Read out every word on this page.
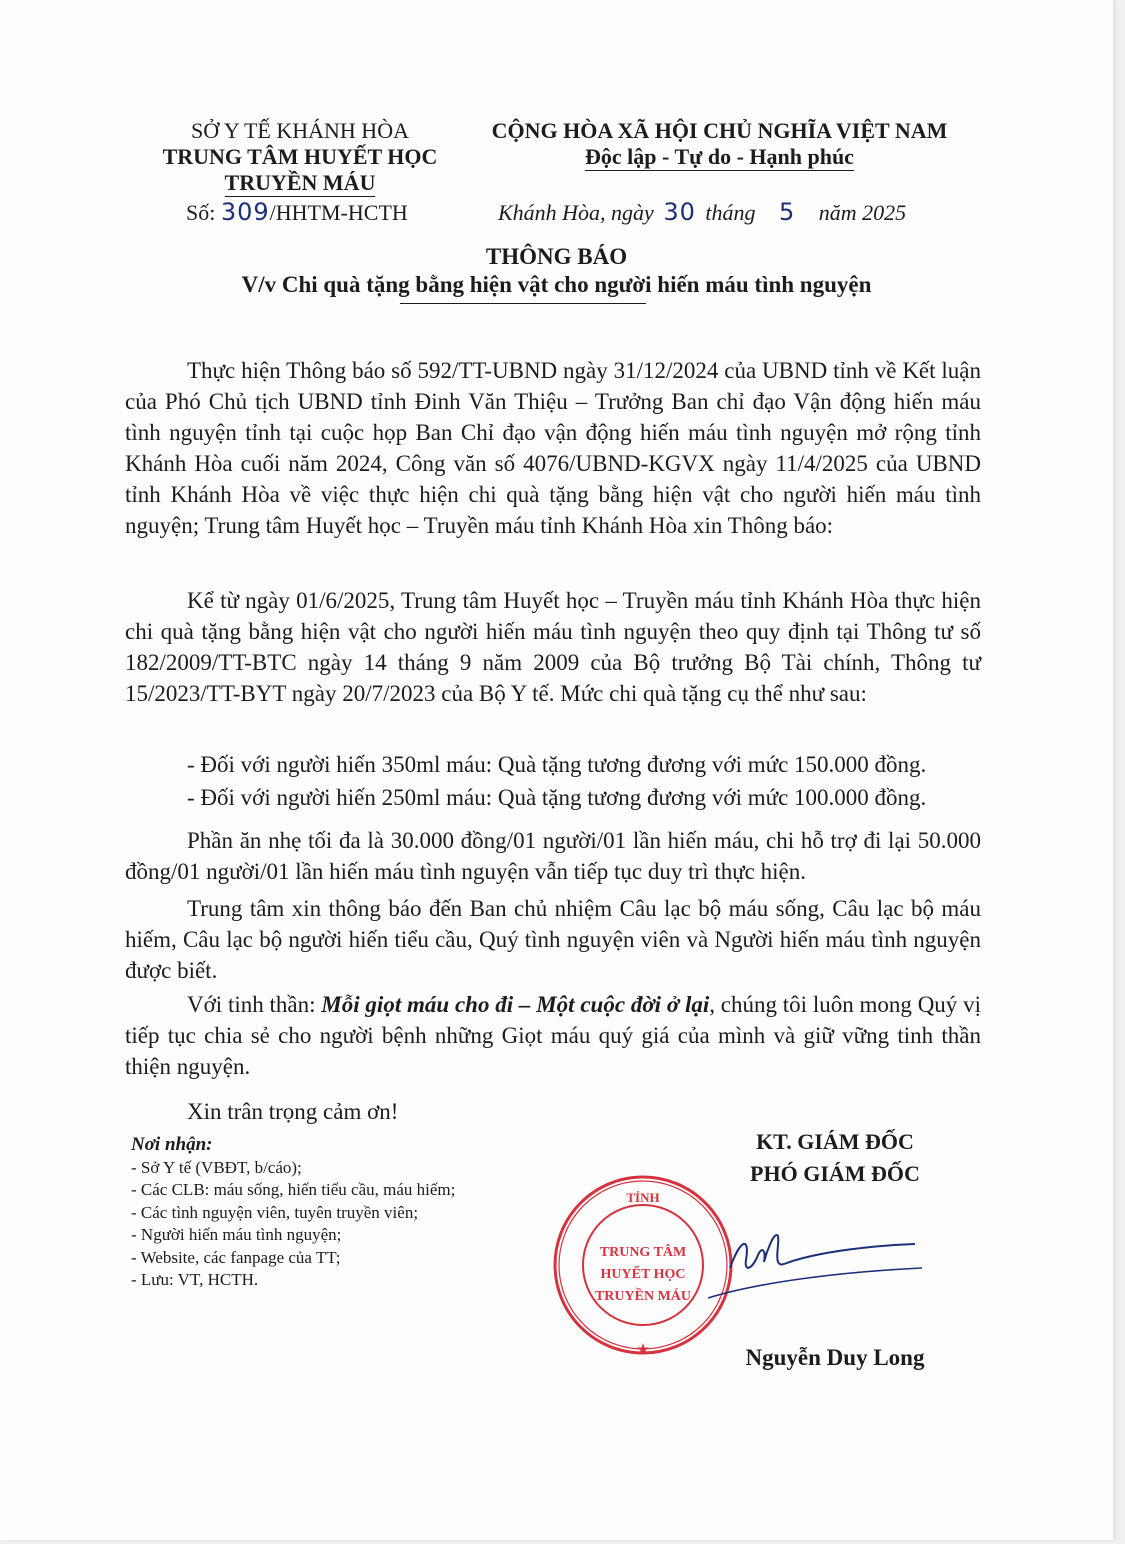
SỞ Y TẾ KHÁNH HÒA
TRUNG TÂM HUYẾT HỌC
TRUYỀN MÁU
Số: 309/HHTM-HCTH
CỘNG HÒA XÃ HỘI CHỦ NGHĨA VIỆT NAM
Độc lập - Tự do - Hạnh phúc
Khánh Hòa, ngày 30 tháng 5 năm 2025
THÔNG BÁO
V/v Chi quà tặng bằng hiện vật cho người hiến máu tình nguyện

Thực hiện Thông báo số 592/TT-UBND ngày 31/12/2024 của UBND tỉnh về Kết luận của Phó Chủ tịch UBND tỉnh Đinh Văn Thiệu – Trưởng Ban chỉ đạo Vận động hiến máu tình nguyện tỉnh tại cuộc họp Ban Chỉ đạo vận động hiến máu tình nguyện mở rộng tỉnh Khánh Hòa cuối năm 2024, Công văn số 4076/UBND-KGVX ngày 11/4/2025 của UBND tỉnh Khánh Hòa về việc thực hiện chi quà tặng bằng hiện vật cho người hiến máu tình nguyện; Trung tâm Huyết học – Truyền máu tỉnh Khánh Hòa xin Thông báo:

Kể từ ngày 01/6/2025, Trung tâm Huyết học – Truyền máu tỉnh Khánh Hòa thực hiện chi quà tặng bằng hiện vật cho người hiến máu tình nguyện theo quy định tại Thông tư số 182/2009/TT-BTC ngày 14 tháng 9 năm 2009 của Bộ trưởng Bộ Tài chính, Thông tư 15/2023/TT-BYT ngày 20/7/2023 của Bộ Y tế. Mức chi quà tặng cụ thể như sau:

- Đối với người hiến 350ml máu: Quà tặng tương đương với mức 150.000 đồng.
- Đối với người hiến 250ml máu: Quà tặng tương đương với mức 100.000 đồng.

Phần ăn nhẹ tối đa là 30.000 đồng/01 người/01 lần hiến máu, chi hỗ trợ đi lại 50.000 đồng/01 người/01 lần hiến máu tình nguyện vẫn tiếp tục duy trì thực hiện.

Trung tâm xin thông báo đến Ban chủ nhiệm Câu lạc bộ máu sống, Câu lạc bộ máu hiếm, Câu lạc bộ người hiến tiểu cầu, Quý tình nguyện viên và Người hiến máu tình nguyện được biết.

Với tinh thần: Mỗi giọt máu cho đi – Một cuộc đời ở lại, chúng tôi luôn mong Quý vị tiếp tục chia sẻ cho người bệnh những Giọt máu quý giá của mình và giữ vững tinh thần thiện nguyện.

Xin trân trọng cảm ơn!
Nơi nhận:
- Sở Y tế (VBĐT, b/cáo);
- Các CLB: máu sống, hiến tiểu cầu, máu hiếm;
- Các tình nguyện viên, tuyên truyền viên;
- Người hiến máu tình nguyện;
- Website, các fanpage của TT;
- Lưu: VT, HCTH.
KT. GIÁM ĐỐC
PHÓ GIÁM ĐỐC
TỈNH
TRUNG TÂM
HUYẾT HỌC
TRUYỀN MÁU
★	Nguyễn Duy Long
